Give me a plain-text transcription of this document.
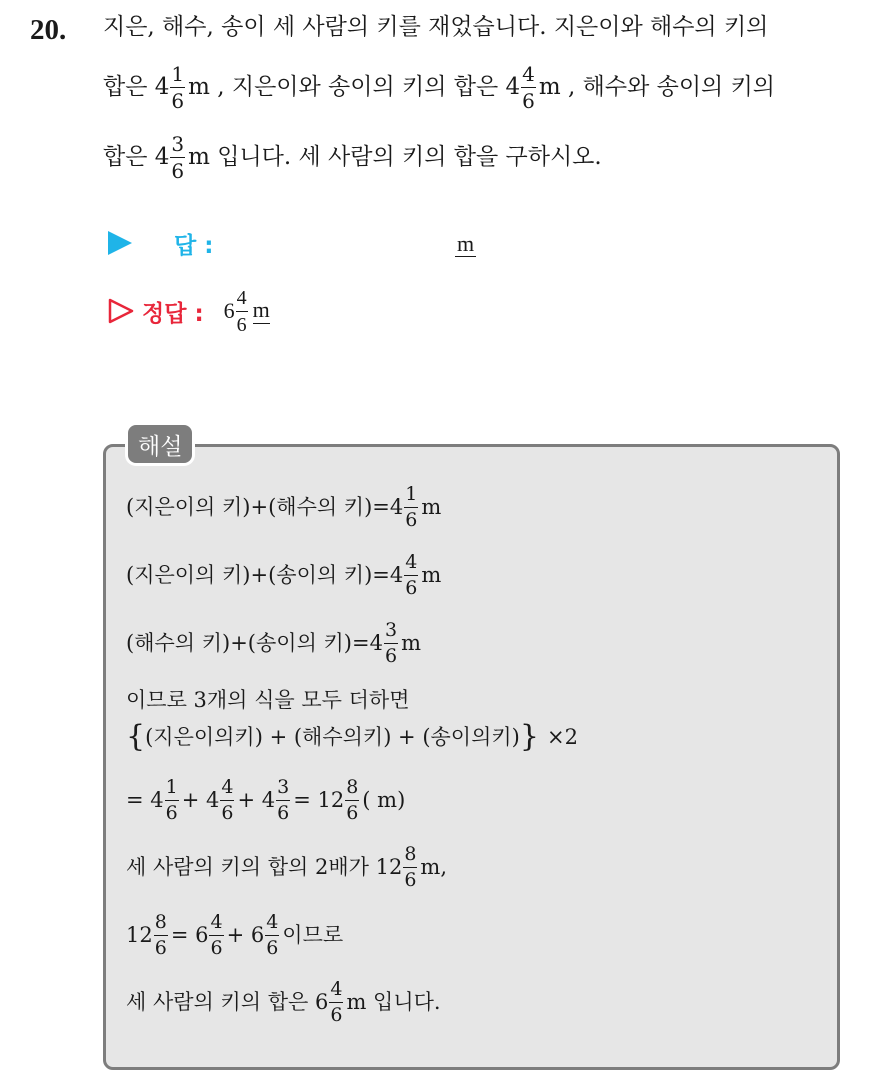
20. 지은, 해수, 송이 세 사람의 키를 재었습니다. 지은이와 해수의 키의
합은 $4 \frac{1}{6}$ m , 지은이와 송이의 키의 합은 $4 \frac{4}{6}$ m , 해수와 송이의 키의
합은 $4 \frac{3}{6}$ m 입니다. 세 사람의 키의 합을 구하시오.
답 :	m
정답 : $6 \frac{4}{6}$ m
해설
(지은이의 키)+(해수의 키)$=4 \frac{1}{6}$ m
(지은이의 키)+(송이의 키)$=4 \frac{4}{6}$ m
(해수의 키)+(송이의 키)$=4 \frac{3}{6}$ m
이므로 3개의 식을 모두 더하면
{ (지은이의키) + (해수의키) + (송이의키) } ×2
= $4 \frac{1}{6} + 4 \frac{4}{6} + 4 \frac{3}{6} = 12 \frac{8}{6}$ ( m)
세 사람의 키의 합의 2배가 $12 \frac{8}{6} m$,
$12 \frac{8}{6} = 6 \frac{4}{6} + 6 \frac{4}{6}$ 이므로
세 사람의 키의 합은 $6 \frac{4}{6}$ m 입니다.
